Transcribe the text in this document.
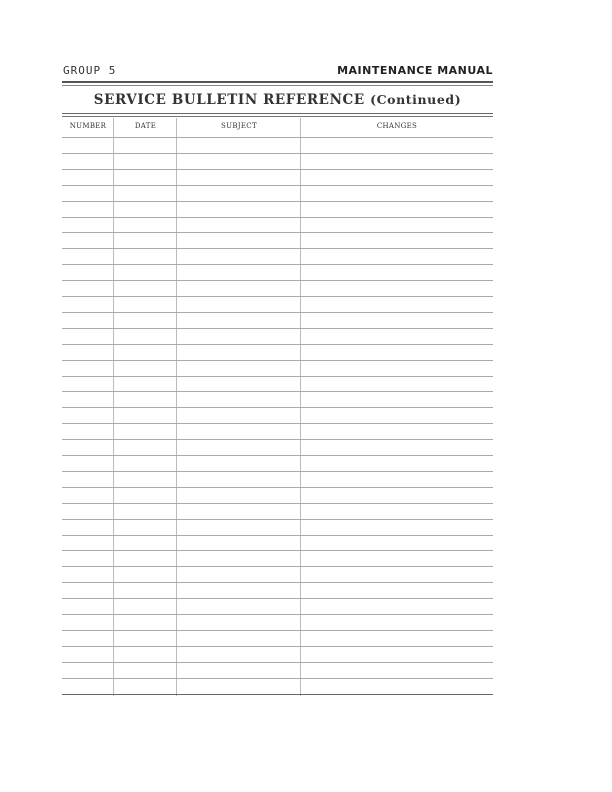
GROUP 5	MAINTENANCE MANUAL
SERVICE BULLETIN REFERENCE (Continued)
NUMBER	DATE	SUBJECT	CHANGES
